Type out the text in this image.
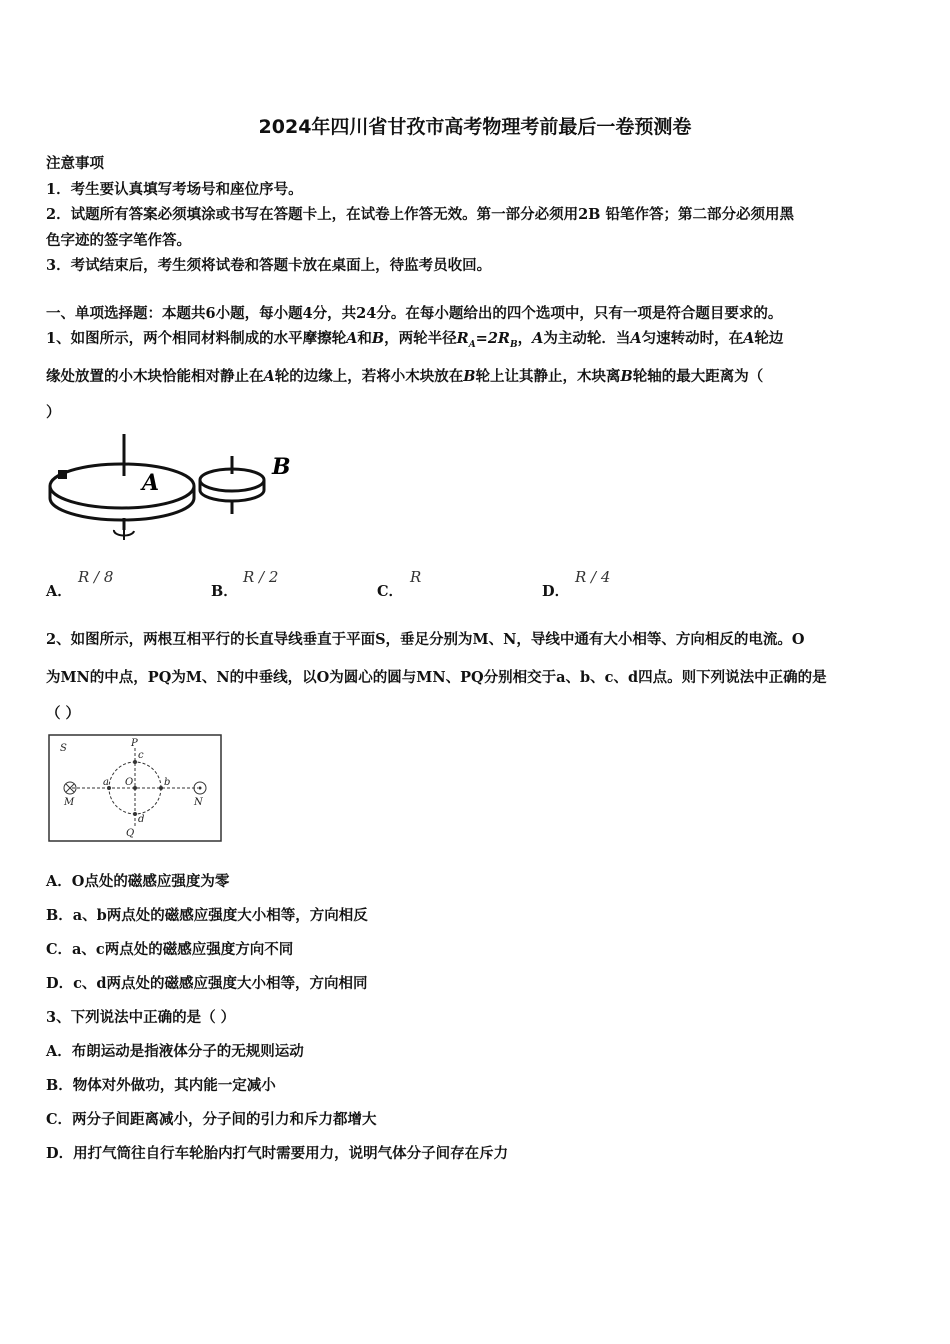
2024年四川省甘孜市高考物理考前最后一卷预测卷
注意事项
1．考生要认真填写考场号和座位序号。
2．试题所有答案必须填涂或书写在答题卡上，在试卷上作答无效。第一部分必须用2B 铅笔作答；第二部分必须用黑
色字迹的签字笔作答。
3．考试结束后，考生须将试卷和答题卡放在桌面上，待监考员收回。
一、单项选择题：本题共6小题，每小题4分，共24分。在每小题给出的四个选项中，只有一项是符合题目要求的。
1、如图所示，两个相同材料制成的水平摩擦轮A和B，两轮半径$R_A=2R_B$，A为主动轮．当A匀速转动时，在A轮边
缘处放置的小木块恰能相对静止在A轮的边缘上，若将小木块放在B轮上让其静止，木块离B轮轴的最大距离为（
）
A
B
A．
R / 8
B．
R / 2
C．
R
D．
R / 4
2、如图所示，两根互相平行的长直导线垂直于平面S，垂足分别为M、N，导线中通有大小相等、方向相反的电流。O
为MN的中点，PQ为M、N的中垂线，以O为圆心的圆与MN、PQ分别相交于a、b、c、d四点。则下列说法中正确的是
（ ）
S	P
c
a O	b
M	N
d
Q
A．O点处的磁感应强度为零
B．a、b两点处的磁感应强度大小相等，方向相反
C．a、c两点处的磁感应强度方向不同
D．c、d两点处的磁感应强度大小相等，方向相同
3、下列说法中正确的是（ ）
A．布朗运动是指液体分子的无规则运动
B．物体对外做功，其内能一定减小
C．两分子间距离减小，分子间的引力和斥力都增大
D．用打气筒往自行车轮胎内打气时需要用力，说明气体分子间存在斥力
